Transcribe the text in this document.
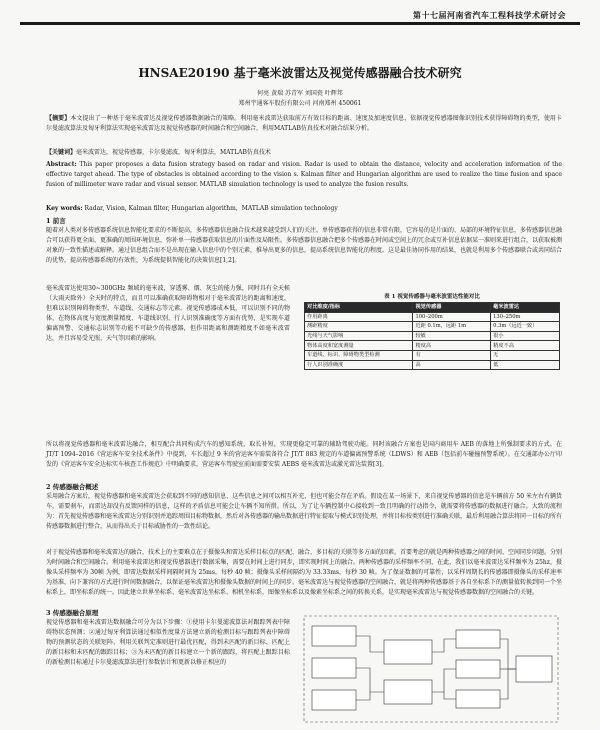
第十七届河南省汽车工程科技学术研讨会
HNSAE20190 基于毫米波雷达及视觉传感器融合技术研究
何亮 黄瑞 苏青军 刘国瓷 叶辉邦
郑州宇通客车股份有限公司 河南郑州 450061
【摘要】本文提出了一种基于毫米波雷达及视觉传感器数据融合的策略。利用毫米波雷达获取前方有效目标的距离、速度及加速度信息，依据视觉传感器图像识别技术获得障碍物的类型，使用卡尔曼滤波算法及匈牙利算法实现毫米波雷达及视觉传感器的时间融合和空间融合，利用MATLAB仿真技术对融合结果分析。
【关键词】毫米波雷达，视觉传感器，卡尔曼滤波，匈牙利算法，MATLAB仿真技术
Abstract: This paper proposes a data fusion strategy based on radar and vision. Radar is used to obtain the distance, velocity and acceleration information of the effective target ahead. The type of obstacles is obtained according to the vision s. Kalman filter and Hungarian algorithm are used to realize the time fusion and space fusion of millimeter wave radar and visual sensor. MATLAB simulation technology is used to analyze the fusion results.
Key words: Radar, Vision, Kalman filter, Hungarian algorithm，MATLAB simulation technology
1 前言
随着对人类对多传感器系统信息智能化要求的不断提高，多传感器信息融合技术越来越受到人们的关注。单传感器获得的信息非常有限，它容易的是片面的、局部的环境特征信息，多传感器信息融合可以获得更全面、更准确的周围环境信息，弥补单一传感器获取信息的片面性及局限性。多传感器信息融合把多个传感器在时间或空间上的冗余或互补信息依据某一准则来进行组合，以获取被测对象的一致性描述或解释。通过信息组合而不是出现在输入信息中的个别元素，推导出更多的信息，提高系统信息智能化的程度。这是最佳协同作用的结果，也就是利用多个传感器联合或共同结合的优势，提高传感器系统的有效性，为系统提供智能化的决策信息[1,2]。
表 1 视觉传感器与毫米波雷达性能对比
对比维度/指标	视觉传感器	毫米波雷达
作用距离	100–200m	130–250m
测距精度	近距 0.1m，远距 1m	0.3m（远近一致）
光线与天气影响	较敏	很小
物体高度和宽度测量	精度高	精度不高
车道线、标识、障碍物类型检测	有	无
行人识别准确度	高	低
毫米波雷达使用30~300GHz 频域的毫米波，穿透雾、烟、灰尘的能力强，同时具有全天候（大雨天除外）全天时的特点，而且可以准确获取障碍物相对于毫米波雷达的距离和速度，但难以识别障碍物类型、车道线、交通标志等元素。视觉传感器成本低，可以识别不同的物体，在物体高度与宽度测量精度、车道线识别、行人识别准确度等方面有优势，是实现车道偏离预警、交通标志识别等功能不可缺少的传感器，但作用距离和测距精度不如毫米波雷达，并且容易受光照、天气等因素的影响。
所以将视觉传感器和毫米波雷达融合，相互配合共同构成汽车的感知系统，取长补短，实现更稳定可靠的辅助驾驶功能。同时该融合方案也是国内商用车 AEB 的落地上所强制要求的方式。在 JT/T 1094–2016《营运客车安全技术条件》中提到，车长超过 9 米的营运客车需装备符合 JT/T 883 规定的车道偏离预警系统（LDWS）和 AEB（包括前车碰撞预警系统）。在交通部办公厅印发的《营运客车安全达标实车核查工作规范》中明确要求，营运客车驾驶室前面需要安装 AEBS 毫米波雷达或激光雷达装置[3]。
2 传感器融合概述
采用融合方案后，视觉传感器和毫米波雷达会获取到不同的感知信息，这些信息之间可以相互补充，但也可能会存在矛盾。假设在某一场景下，来自视觉传感器的信息是车辆前方 50 米左右有辆货车，需要刹车，而雷达却没有反馈同样的信息，这样的矛盾信息可能会让车辆不知所措。所以，为了让车辆控制中心接收到一致且明确的行动指令，就需要将传感器的数据进行融合。大致的流程为：首先视觉传感器和毫米波雷达分别识别并追踪周围目标物数据，然后对各传感器的输出数据进行特征提取与模式识别处理，并将目标按类别进行准确关联，最后利用融合算法将同一目标的所有传感器数据进行整合，从而得出关于目标威胁性的一致性结论。
对于视觉传感器和毫米波雷达的融合，技术上的主要难点在于摄像头和雷达采样目标点的匹配、融合、多目标的关联等多方面的因素。首要考虑的就是两种传感器之间的时间、空间同步问题。分别为时间融合和空间融合。利用毫米波雷达和视觉传感器进行数据采集，需要在时间上进行同步，即实现时间上的融合。两种传感器的采样频率不同，在此，我们以毫米波雷达采样频率为 25hz，摄像头采样频率为 30帧 为例，即雷达数据采样间隔时间为 25ms，每秒 40 帧；摄像头采样间隔约为 33.33ms，每秒 30 帧。为了保证数据的可靠性，以采样周期长的传感器即摄像头的采样速率为基准，向下兼容的方式进行时间数据融合，以保证毫米波雷达和摄像头数据的时间上的同步。毫米波雷达与视觉传感器的空间融合，就是将两种传感器基于各自坐标系下的测量值转换到同一个坐标系上，即坐标系的统一。因此建立世界坐标系、毫米波雷达坐标系、相机坐标系、图像坐标系以及像素坐标系之间的转换关系，是实现毫米波雷达与视觉传感器数据的空间融合的关键。
3 传感器融合原理
视觉传感器和毫米波雷达数据融合可分为以下步骤：①使用卡尔曼滤波算法对跟踪列表中障碍物状态预测；②通过匈牙利算法通过相似性度量方法建立新的检测目标与跟踪列表中障碍物的预测状态的关联矩阵，利用关联判定准则进行最优匹配，得到未匹配的新目标、匹配上的新目标和未匹配的跟踪目标；③为未匹配的新目标建立一个新的跟踪，将匹配上跟踪目标的新检测目标通过卡尔曼滤波算法进行参数估计和更新以修正相应的
